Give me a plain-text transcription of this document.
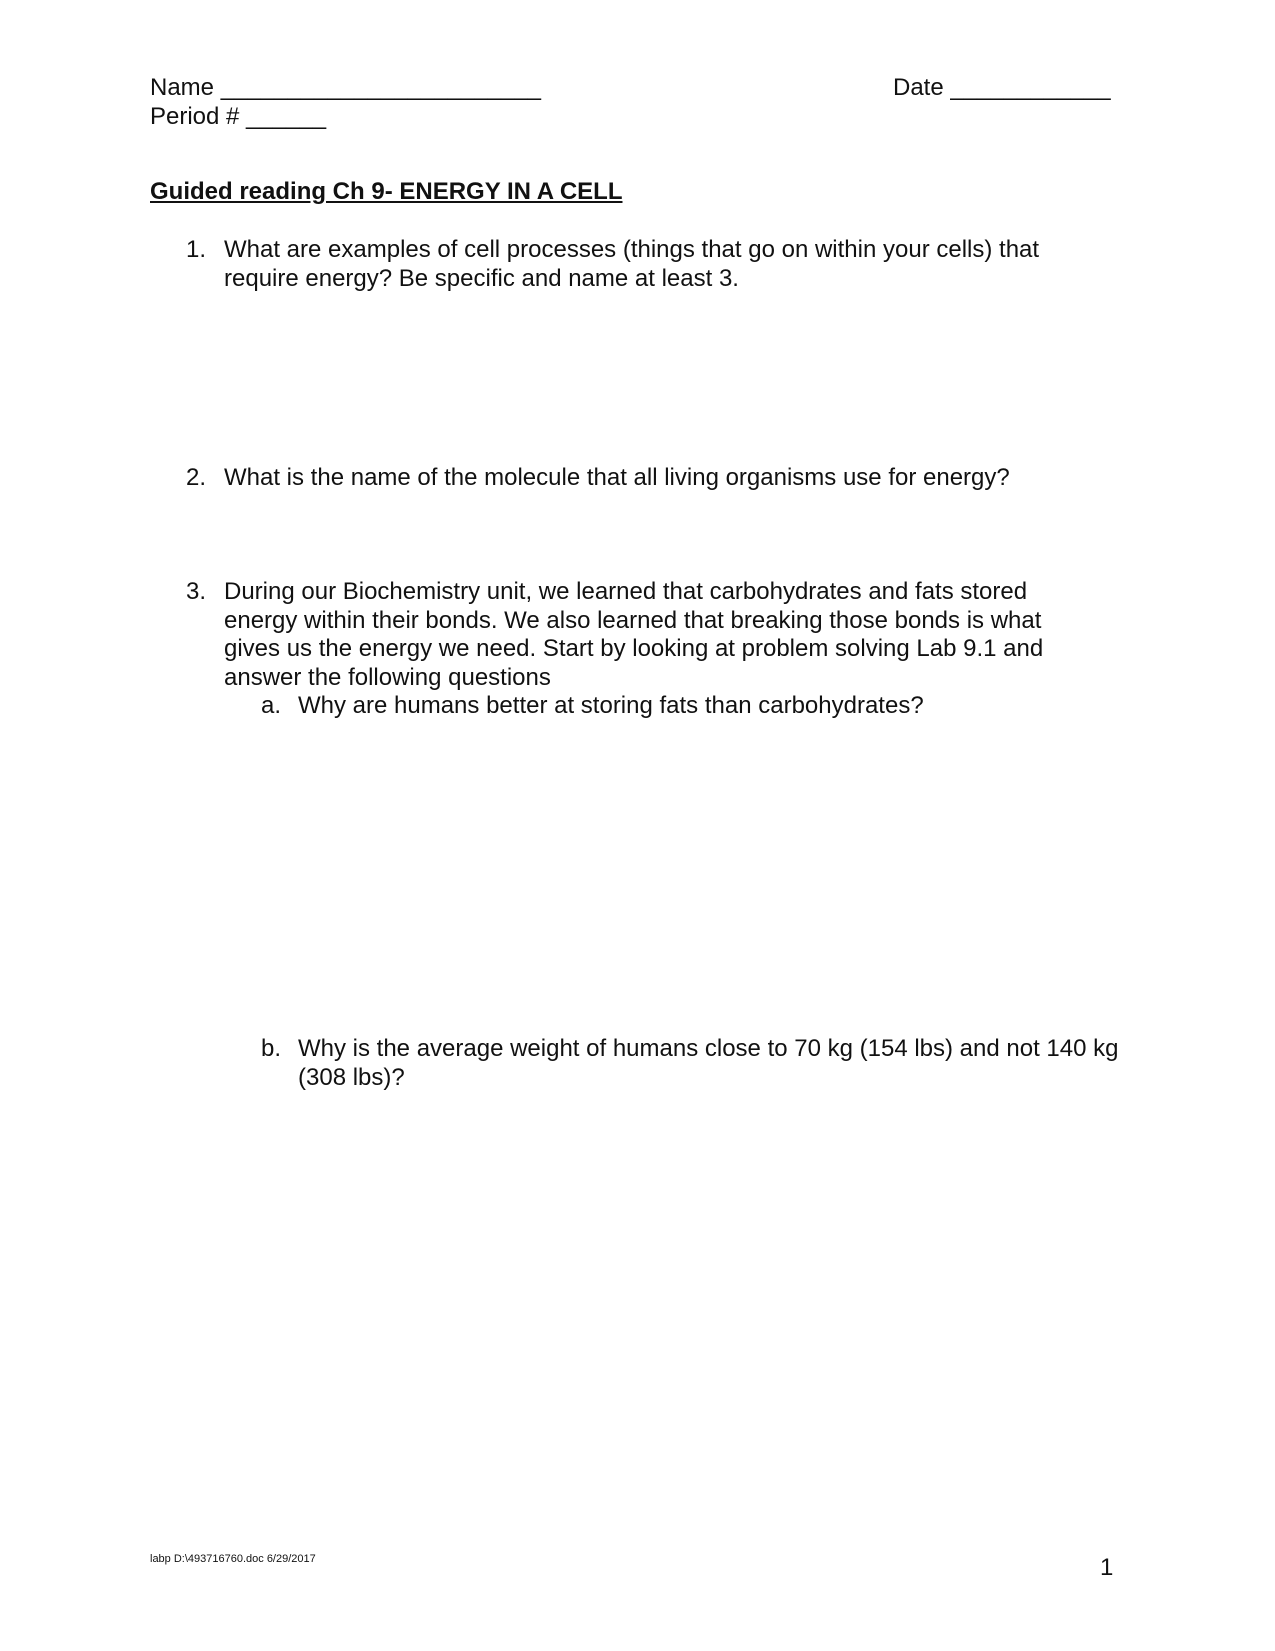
Name ________________________	Date ____________
Period # ______
Guided reading Ch 9- ENERGY IN A CELL
1. What are examples of cell processes (things that go on within your cells) that require energy? Be specific and name at least 3.
2. What is the name of the molecule that all living organisms use for energy?
3. During our Biochemistry unit, we learned that carbohydrates and fats stored energy within their bonds. We also learned that breaking those bonds is what gives us the energy we need. Start by looking at problem solving Lab 9.1 and answer the following questions
a. Why are humans better at storing fats than carbohydrates?
b. Why is the average weight of humans close to 70 kg (154 lbs) and not 140 kg (308 lbs)?
labp D:\493716760.doc 6/29/2017	1
